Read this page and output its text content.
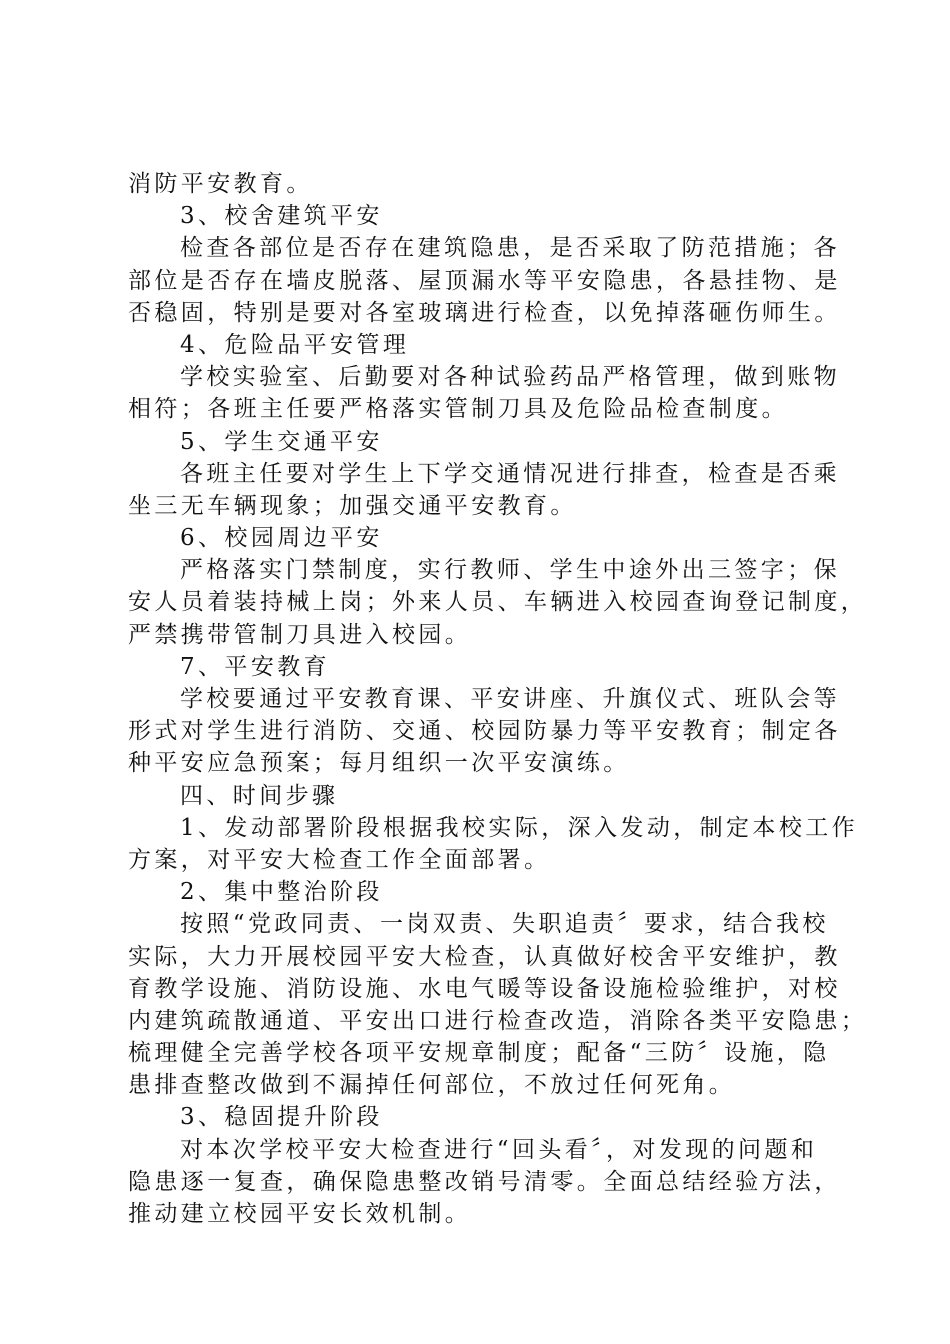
消防平安教育。
3、校舍建筑平安
检查各部位是否存在建筑隐患，是否采取了防范措施；各
部位是否存在墙皮脱落、屋顶漏水等平安隐患，各悬挂物、是
否稳固，特别是要对各室玻璃进行检查，以免掉落砸伤师生。
4、危险品平安管理
学校实验室、后勤要对各种试验药品严格管理，做到账物
相符；各班主任要严格落实管制刀具及危险品检查制度。
5、学生交通平安
各班主任要对学生上下学交通情况进行排查，检查是否乘
坐三无车辆现象；加强交通平安教育。
6、校园周边平安
严格落实门禁制度，实行教师、学生中途外出三签字；保
安人员着装持械上岗；外来人员、车辆进入校园查询登记制度，
严禁携带管制刀具进入校园。
7、平安教育
学校要通过平安教育课、平安讲座、升旗仪式、班队会等
形式对学生进行消防、交通、校园防暴力等平安教育；制定各
种平安应急预案；每月组织一次平安演练。
四、时间步骤
1、发动部署阶段根据我校实际，深入发动，制定本校工作
方案，对平安大检查工作全面部署。
2、集中整治阶段
按照“党政同责、一岗双责、失职追责〞要求，结合我校
实际，大力开展校园平安大检查，认真做好校舍平安维护，教
育教学设施、消防设施、水电气暖等设备设施检验维护，对校
内建筑疏散通道、平安出口进行检查改造，消除各类平安隐患；
梳理健全完善学校各项平安规章制度；配备“三防〞设施，隐
患排查整改做到不漏掉任何部位，不放过任何死角。
3、稳固提升阶段
对本次学校平安大检查进行“回头看〞，对发现的问题和
隐患逐一复查，确保隐患整改销号清零。全面总结经验方法，
推动建立校园平安长效机制。
